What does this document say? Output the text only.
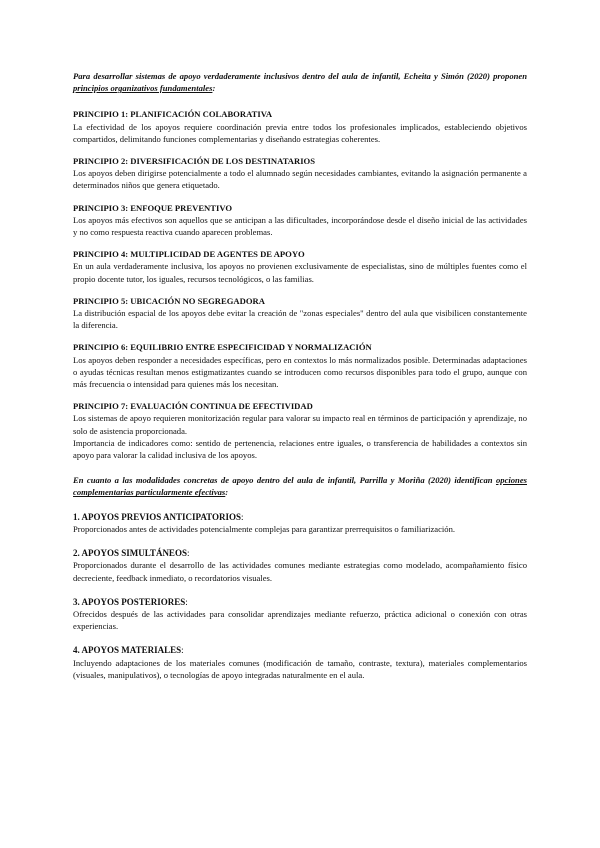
Para desarrollar sistemas de apoyo verdaderamente inclusivos dentro del aula de infantil, Echeita y Simón (2020) proponen principios organizativos fundamentales:

PRINCIPIO 1: PLANIFICACIÓN COLABORATIVA

La efectividad de los apoyos requiere coordinación previa entre todos los profesionales implicados, estableciendo objetivos compartidos, delimitando funciones complementarias y diseñando estrategias coherentes.

PRINCIPIO 2: DIVERSIFICACIÓN DE LOS DESTINATARIOS

Los apoyos deben dirigirse potencialmente a todo el alumnado según necesidades cambiantes, evitando la asignación permanente a determinados niños que genera etiquetado.

PRINCIPIO 3: ENFOQUE PREVENTIVO

Los apoyos más efectivos son aquellos que se anticipan a las dificultades, incorporándose desde el diseño inicial de las actividades y no como respuesta reactiva cuando aparecen problemas.

PRINCIPIO 4: MULTIPLICIDAD DE AGENTES DE APOYO

En un aula verdaderamente inclusiva, los apoyos no provienen exclusivamente de especialistas, sino de múltiples fuentes como el propio docente tutor, los iguales, recursos tecnológicos, o las familias.

PRINCIPIO 5: UBICACIÓN NO SEGREGADORA

La distribución espacial de los apoyos debe evitar la creación de "zonas especiales" dentro del aula que visibilicen constantemente la diferencia.

PRINCIPIO 6: EQUILIBRIO ENTRE ESPECIFICIDAD Y NORMALIZACIÓN

Los apoyos deben responder a necesidades específicas, pero en contextos lo más normalizados posible. Determinadas adaptaciones o ayudas técnicas resultan menos estigmatizantes cuando se introducen como recursos disponibles para todo el grupo, aunque con más frecuencia o intensidad para quienes más los necesitan.

PRINCIPIO 7: EVALUACIÓN CONTINUA DE EFECTIVIDAD

Los sistemas de apoyo requieren monitorización regular para valorar su impacto real en términos de participación y aprendizaje, no solo de asistencia proporcionada.

Importancia de indicadores como: sentido de pertenencia, relaciones entre iguales, o transferencia de habilidades a contextos sin apoyo para valorar la calidad inclusiva de los apoyos.

En cuanto a las modalidades concretas de apoyo dentro del aula de infantil, Parrilla y Moriña (2020) identifican opciones complementarias particularmente efectivas:

1. APOYOS PREVIOS ANTICIPATORIOS:

Proporcionados antes de actividades potencialmente complejas para garantizar prerrequisitos o familiarización.

2. APOYOS SIMULTÁNEOS:

Proporcionados durante el desarrollo de las actividades comunes mediante estrategias como modelado, acompañamiento físico decreciente, feedback inmediato, o recordatorios visuales.

3. APOYOS POSTERIORES:

Ofrecidos después de las actividades para consolidar aprendizajes mediante refuerzo, práctica adicional o conexión con otras experiencias.

4. APOYOS MATERIALES:

Incluyendo adaptaciones de los materiales comunes (modificación de tamaño, contraste, textura), materiales complementarios (visuales, manipulativos), o tecnologías de apoyo integradas naturalmente en el aula.
